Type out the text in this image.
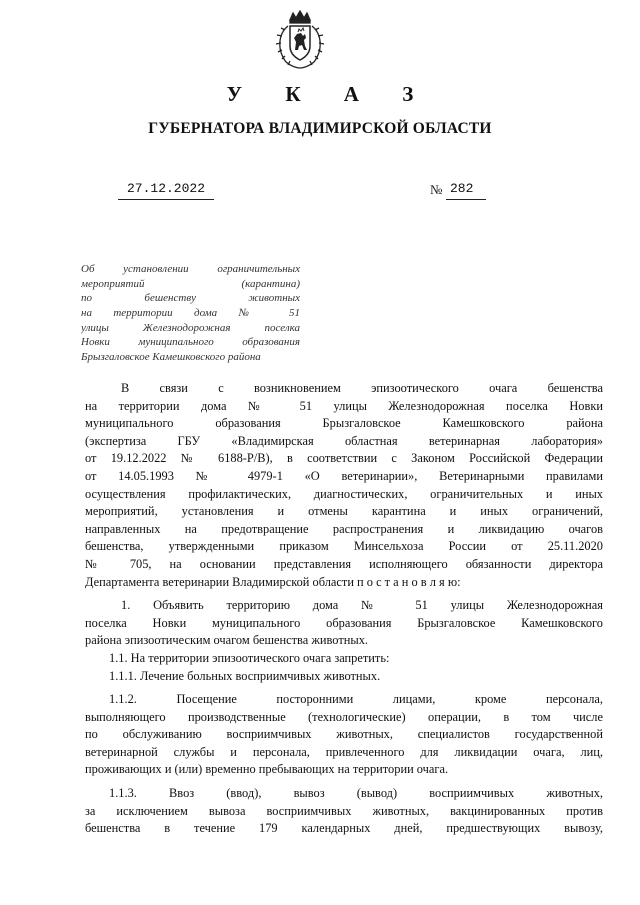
У К А З
ГУБЕРНАТОРА ВЛАДИМИРСКОЙ ОБЛАСТИ
27.12.2022	№ 282
Об установлении ограничительных
мероприятий (карантина)
по бешенству животных
на территории дома № 51
улицы Железнодорожная поселка
Новки муниципального образования
Брызгаловское Камешковского района
В связи с возникновением эпизоотического очага бешенства
на территории дома № 51 улицы Железнодорожная поселка Новки
муниципального образования Брызгаловское Камешковского района
(экспертиза ГБУ «Владимирская областная ветеринарная лаборатория»
от 19.12.2022 № 6188-Р/В), в соответствии с Законом Российской Федерации
от 14.05.1993 № 4979-1 «О ветеринарии», Ветеринарными правилами
осуществления профилактических, диагностических, ограничительных и иных
мероприятий, установления и отмены карантина и иных ограничений,
направленных на предотвращение распространения и ликвидацию очагов
бешенства, утвержденными приказом Минсельхоза России от 25.11.2020
№ 705, на основании представления исполняющего обязанности директора
Департамента ветеринарии Владимирской области п о с т а н о в л я ю:
1. Объявить территорию дома № 51 улицы Железнодорожная
поселка Новки муниципального образования Брызгаловское Камешковского
района эпизоотическим очагом бешенства животных.
1.1. На территории эпизоотического очага запретить:
1.1.1. Лечение больных восприимчивых животных.
1.1.2. Посещение посторонними лицами, кроме персонала,
выполняющего производственные (технологические) операции, в том числе
по обслуживанию восприимчивых животных, специалистов государственной
ветеринарной службы и персонала, привлеченного для ликвидации очага, лиц,
проживающих и (или) временно пребывающих на территории очага.
1.1.3. Ввоз (ввод), вывоз (вывод) восприимчивых животных,
за исключением вывоза восприимчивых животных, вакцинированных против
бешенства в течение 179 календарных дней, предшествующих вывозу,
